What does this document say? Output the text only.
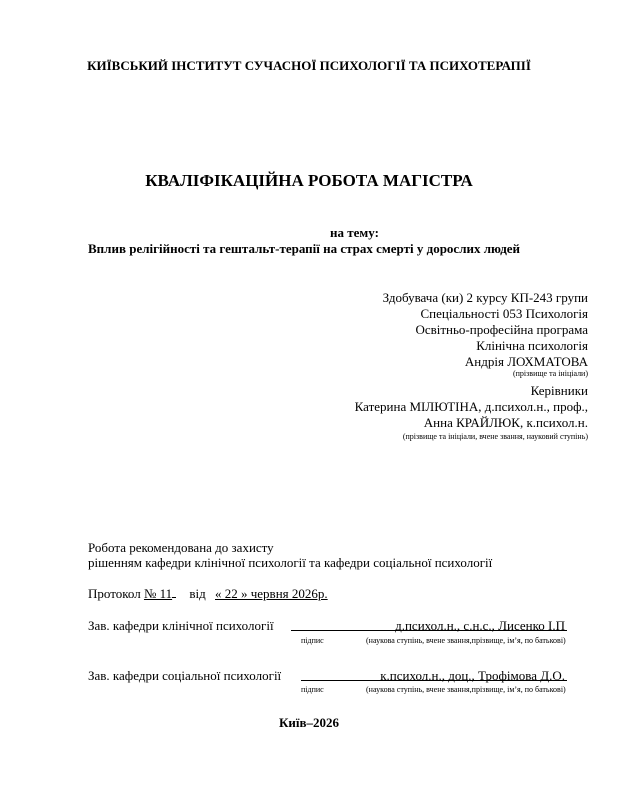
КИЇВСЬКИЙ ІНСТИТУТ СУЧАСНОЇ ПСИХОЛОГІЇ ТА ПСИХОТЕРАПІЇ
КВАЛІФІКАЦІЙНА РОБОТА МАГІСТРА
на тему:
Вплив релігійності та гештальт-терапії на страх смерті у дорослих людей
Здобувача (ки) 2 курсу КП-243 групи
Спеціальності 053 Психологія
Освітньо-професійна програма
Клінічна психологія
Андрія ЛОХМАТОВА
(прізвище та ініціали)
Керівники
Катерина МІЛЮТІНА, д.психол.н., проф.,
Анна КРАЙЛЮК, к.психол.н.
(прізвище та ініціали, вчене звання, науковий ступінь)
Робота рекомендована до захисту
рішенням кафедри клінічної психології та кафедри соціальної психології
Протокол № 11 від « 22 » червня 2026р.
Зав. кафедри клінічної психології	д.психол.н., с.н.с., Лисенко І.П
підпис	(наукова ступінь, вчене звання,прізвище, імʼя, по батькові)
Зав. кафедри соціальної психології	к.психол.н., доц., Трофімова Д.О.
підпис	(наукова ступінь, вчене звання,прізвище, імʼя, по батькові)
Київ–2026
